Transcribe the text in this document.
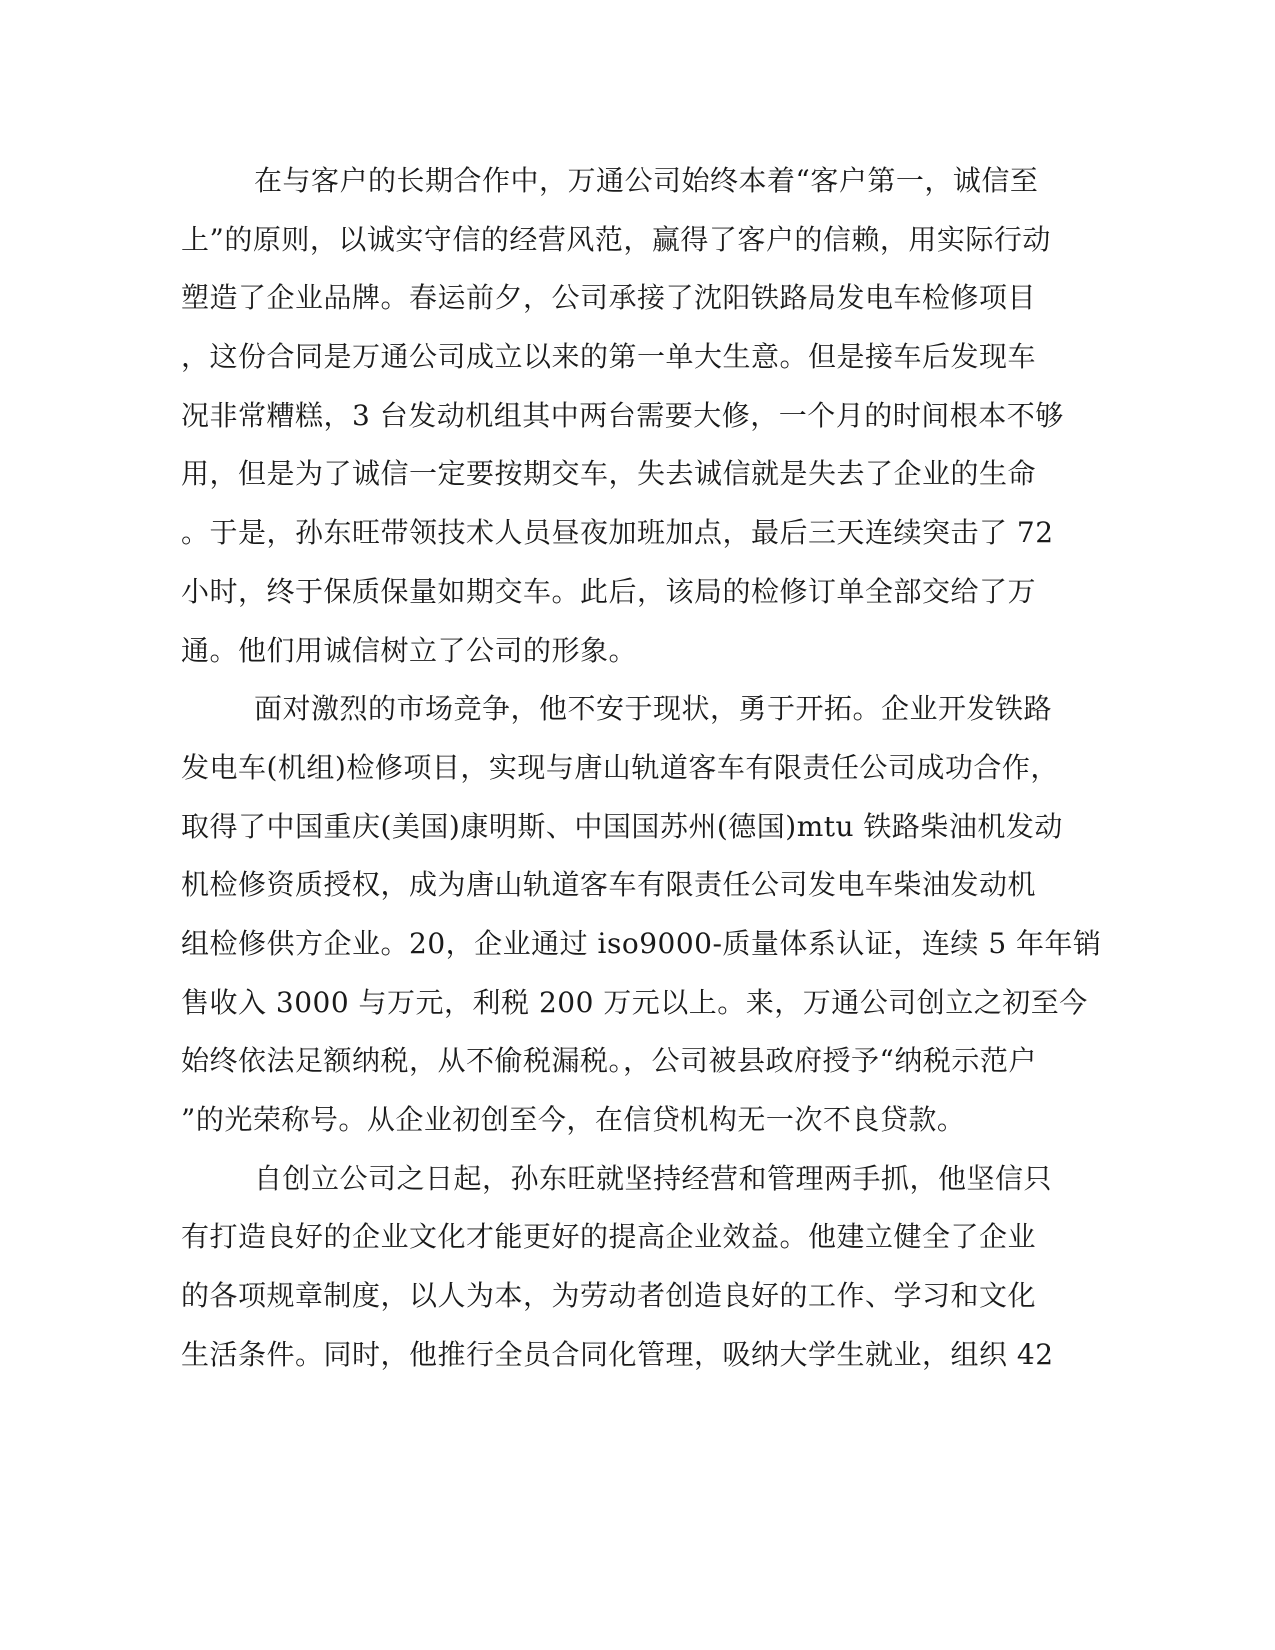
在与客户的长期合作中，万通公司始终本着“客户第一，诚信至
上”的原则，以诚实守信的经营风范，赢得了客户的信赖，用实际行动
塑造了企业品牌。春运前夕，公司承接了沈阳铁路局发电车检修项目
，这份合同是万通公司成立以来的第一单大生意。但是接车后发现车
况非常糟糕，3 台发动机组其中两台需要大修，一个月的时间根本不够
用，但是为了诚信一定要按期交车，失去诚信就是失去了企业的生命
。于是，孙东旺带领技术人员昼夜加班加点，最后三天连续突击了 72
小时，终于保质保量如期交车。此后，该局的检修订单全部交给了万
通。他们用诚信树立了公司的形象。
面对激烈的市场竞争，他不安于现状，勇于开拓。企业开发铁路
发电车(机组)检修项目，实现与唐山轨道客车有限责任公司成功合作，
取得了中国重庆(美国)康明斯、中国国苏州(德国)mtu 铁路柴油机发动
机检修资质授权，成为唐山轨道客车有限责任公司发电车柴油发动机
组检修供方企业。20，企业通过 iso9000-质量体系认证，连续 5 年年销
售收入 3000 与万元，利税 200 万元以上。来，万通公司创立之初至今
始终依法足额纳税，从不偷税漏税。，公司被县政府授予“纳税示范户
”的光荣称号。从企业初创至今，在信贷机构无一次不良贷款。
自创立公司之日起，孙东旺就坚持经营和管理两手抓，他坚信只
有打造良好的企业文化才能更好的提高企业效益。他建立健全了企业
的各项规章制度，以人为本，为劳动者创造良好的工作、学习和文化
生活条件。同时，他推行全员合同化管理，吸纳大学生就业，组织 42
